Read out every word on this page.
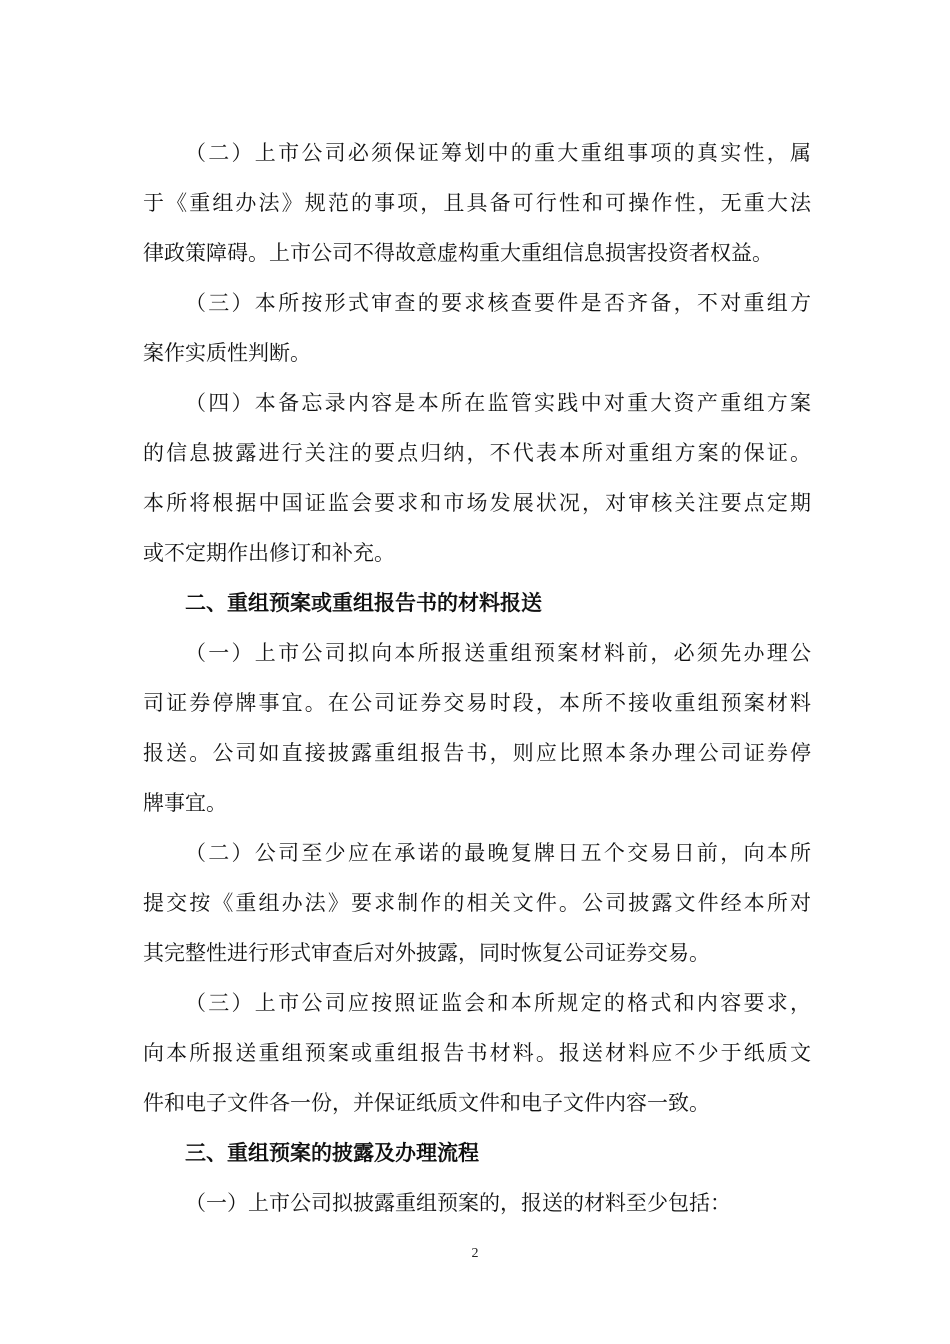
（二）上市公司必须保证筹划中的重大重组事项的真实性，属
于《重组办法》规范的事项，且具备可行性和可操作性，无重大法
律政策障碍。上市公司不得故意虚构重大重组信息损害投资者权益。
（三）本所按形式审查的要求核查要件是否齐备，不对重组方
案作实质性判断。
（四）本备忘录内容是本所在监管实践中对重大资产重组方案
的信息披露进行关注的要点归纳，不代表本所对重组方案的保证。
本所将根据中国证监会要求和市场发展状况，对审核关注要点定期
或不定期作出修订和补充。
二、重组预案或重组报告书的材料报送
（一）上市公司拟向本所报送重组预案材料前，必须先办理公
司证券停牌事宜。在公司证券交易时段，本所不接收重组预案材料
报送。公司如直接披露重组报告书，则应比照本条办理公司证券停
牌事宜。
（二）公司至少应在承诺的最晚复牌日五个交易日前，向本所
提交按《重组办法》要求制作的相关文件。公司披露文件经本所对
其完整性进行形式审查后对外披露，同时恢复公司证券交易。
（三）上市公司应按照证监会和本所规定的格式和内容要求，
向本所报送重组预案或重组报告书材料。报送材料应不少于纸质文
件和电子文件各一份，并保证纸质文件和电子文件内容一致。
三、重组预案的披露及办理流程
（一）上市公司拟披露重组预案的，报送的材料至少包括：
2
